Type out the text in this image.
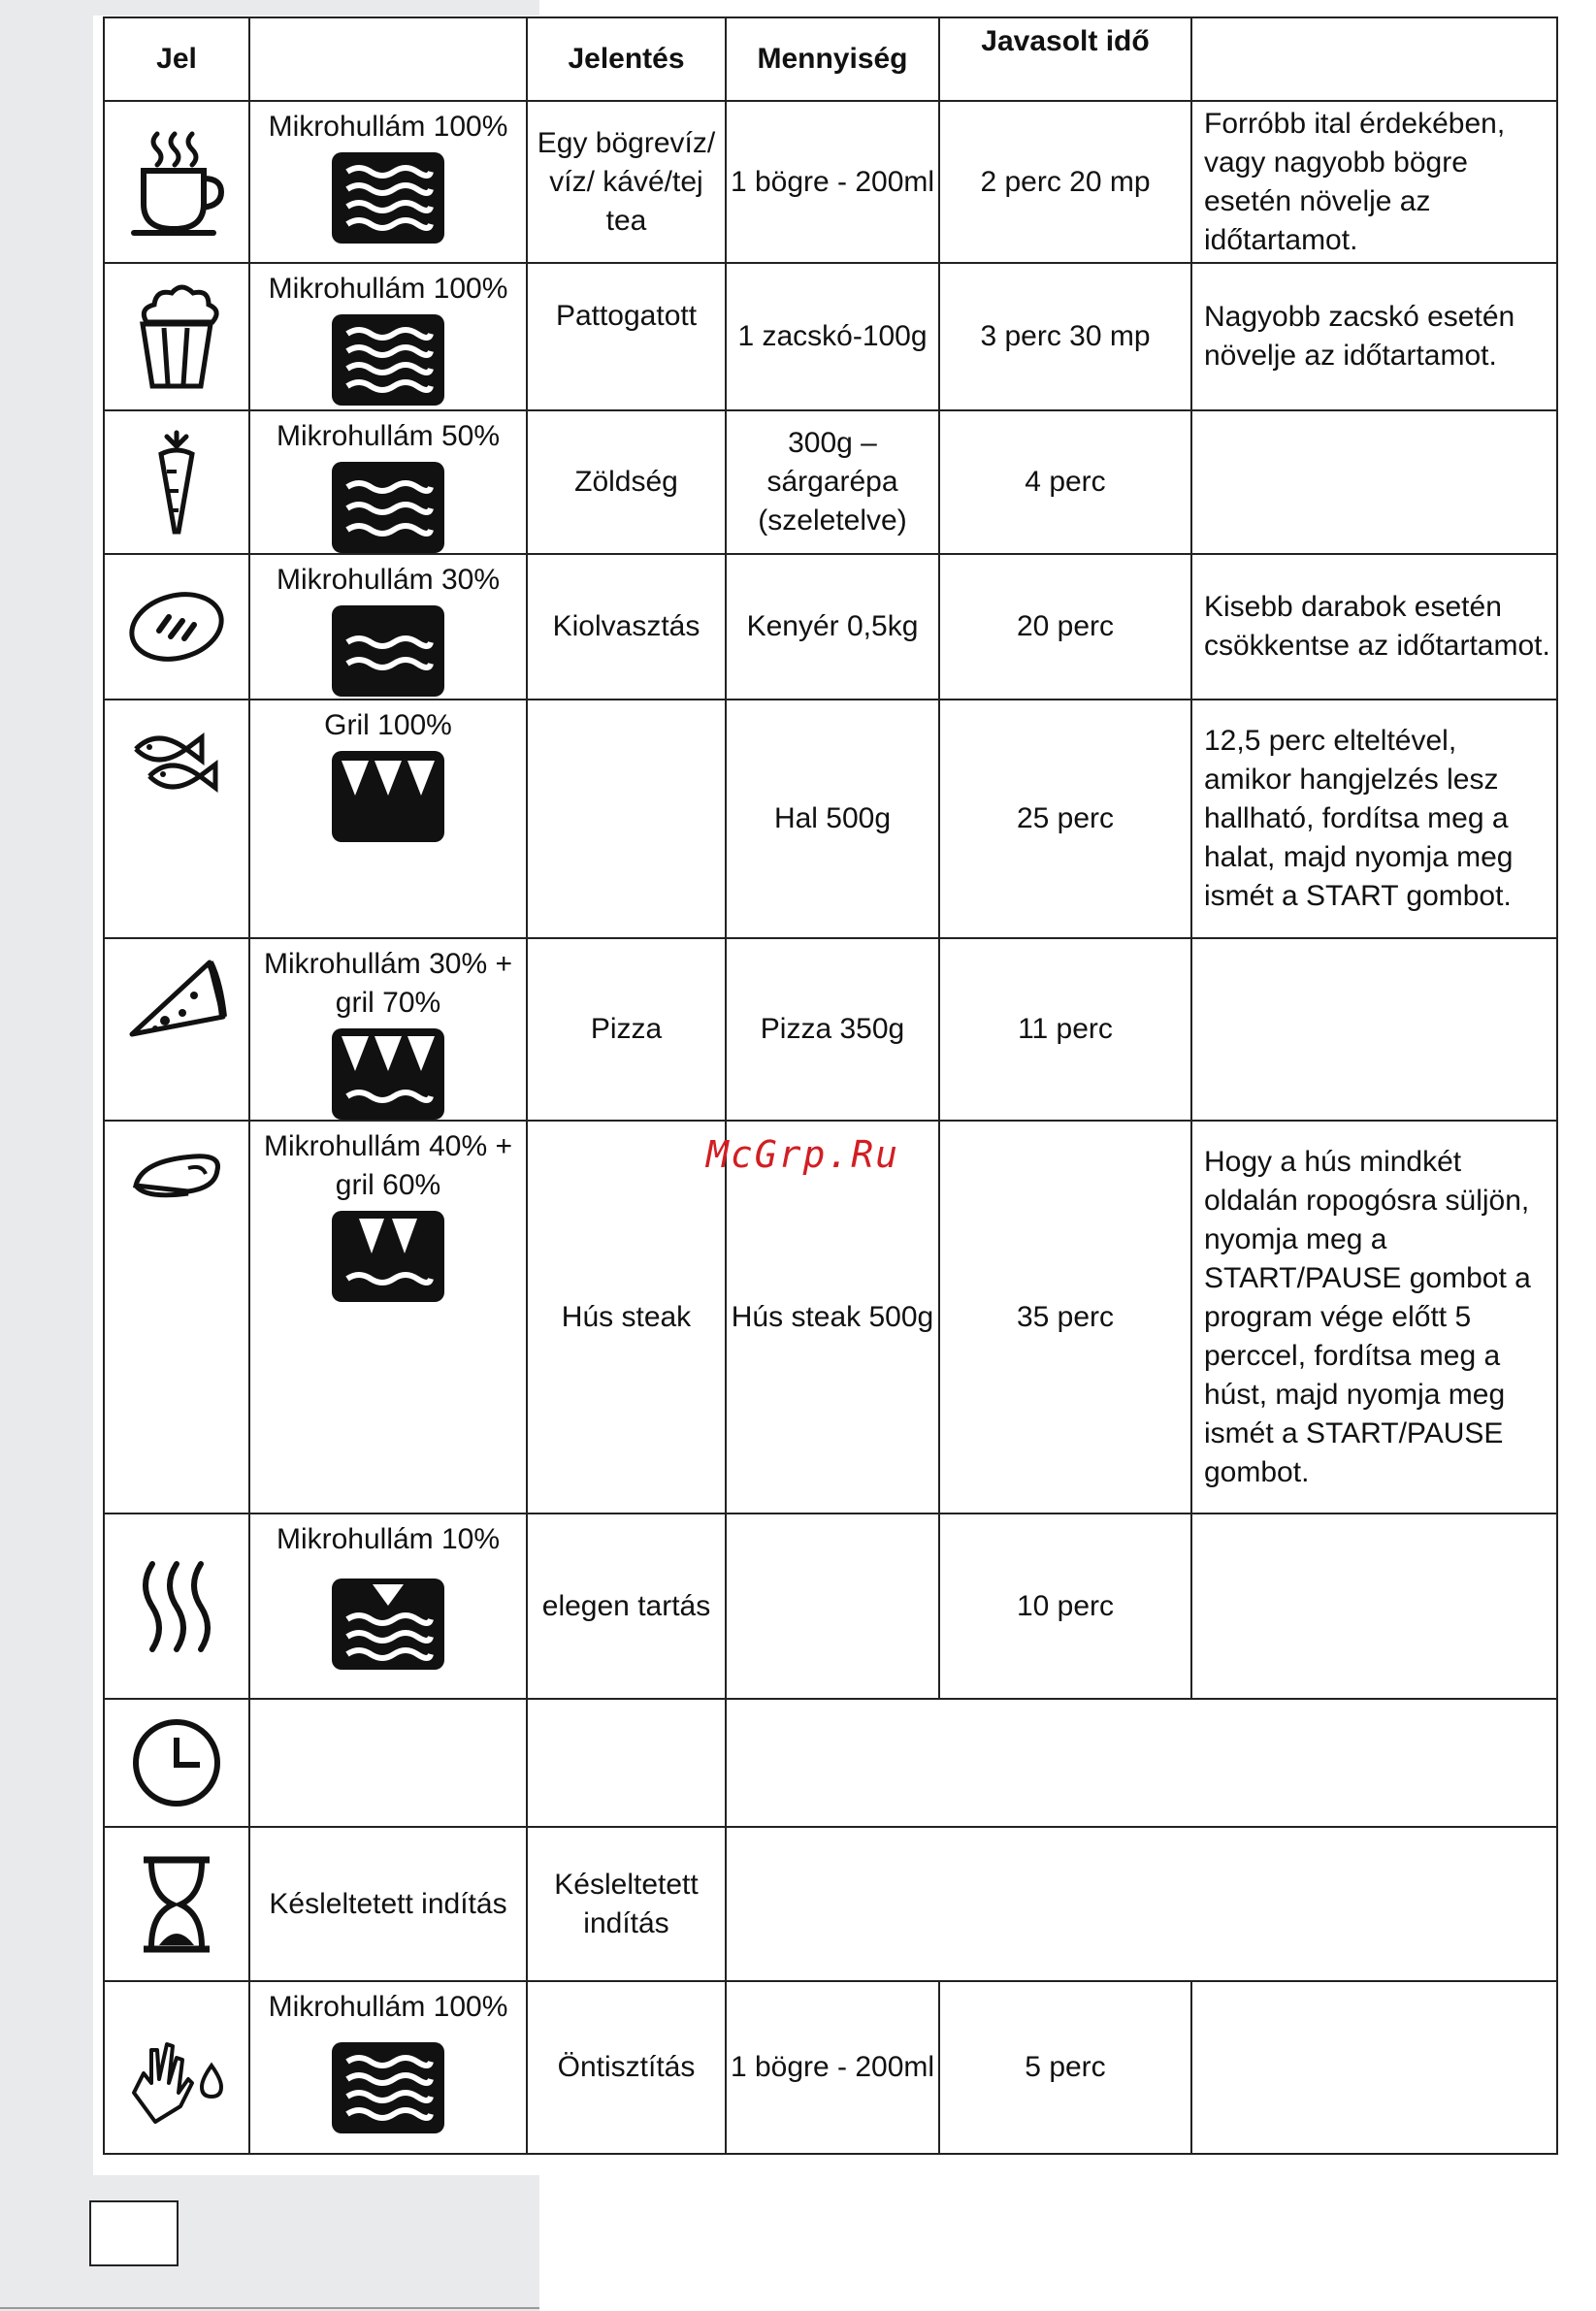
Jel		Jelentés	Mennyiség	Javasolt idő	

Mikrohullám 100%	Egy bögrevíz/ víz/ kávé/tej tea	1 bögre - 200ml	2 perc 20 mp	Forróbb ital érdekében, vagy nagyobb bögre esetén növelje az időtartamot.

Mikrohullám 100%	Pattogatott	1 zacskó-100g	3 perc 30 mp	Nagyobb zacskó esetén növelje az időtartamot.

Mikrohullám 50%	Zöldség	300g – sárgarépa (szeletelve)	4 perc	

Mikrohullám 30%	Kiolvasztás	Kenyér 0,5kg	20 perc	Kisebb darabok esetén csökkentse az időtartamot.

Gril 100%		Hal 500g	25 perc	12,5 perc elteltével, amikor hangjelzés lesz hallható, fordítsa meg a halat, majd nyomja meg ismét a START gombot.

Mikrohullám 30% + gril 70%	Pizza	Pizza 350g	11 perc	

Mikrohullám 40% + gril 60%	Hús steak	Hús steak 500g	35 perc	Hogy a hús mindkét oldalán ropogósra süljön, nyomja meg a START/PAUSE gombot a program vége előtt 5 perccel, fordítsa meg a húst, majd nyomja meg ismét a START/PAUSE gombot.

Mikrohullám 10%	elegen tartás		10 perc	

	Késleltetett indítás	Késleltetett indítás			

Mikrohullám 100%	Öntisztítás	1 bögre - 200ml	5 perc	
McGrp.Ru
